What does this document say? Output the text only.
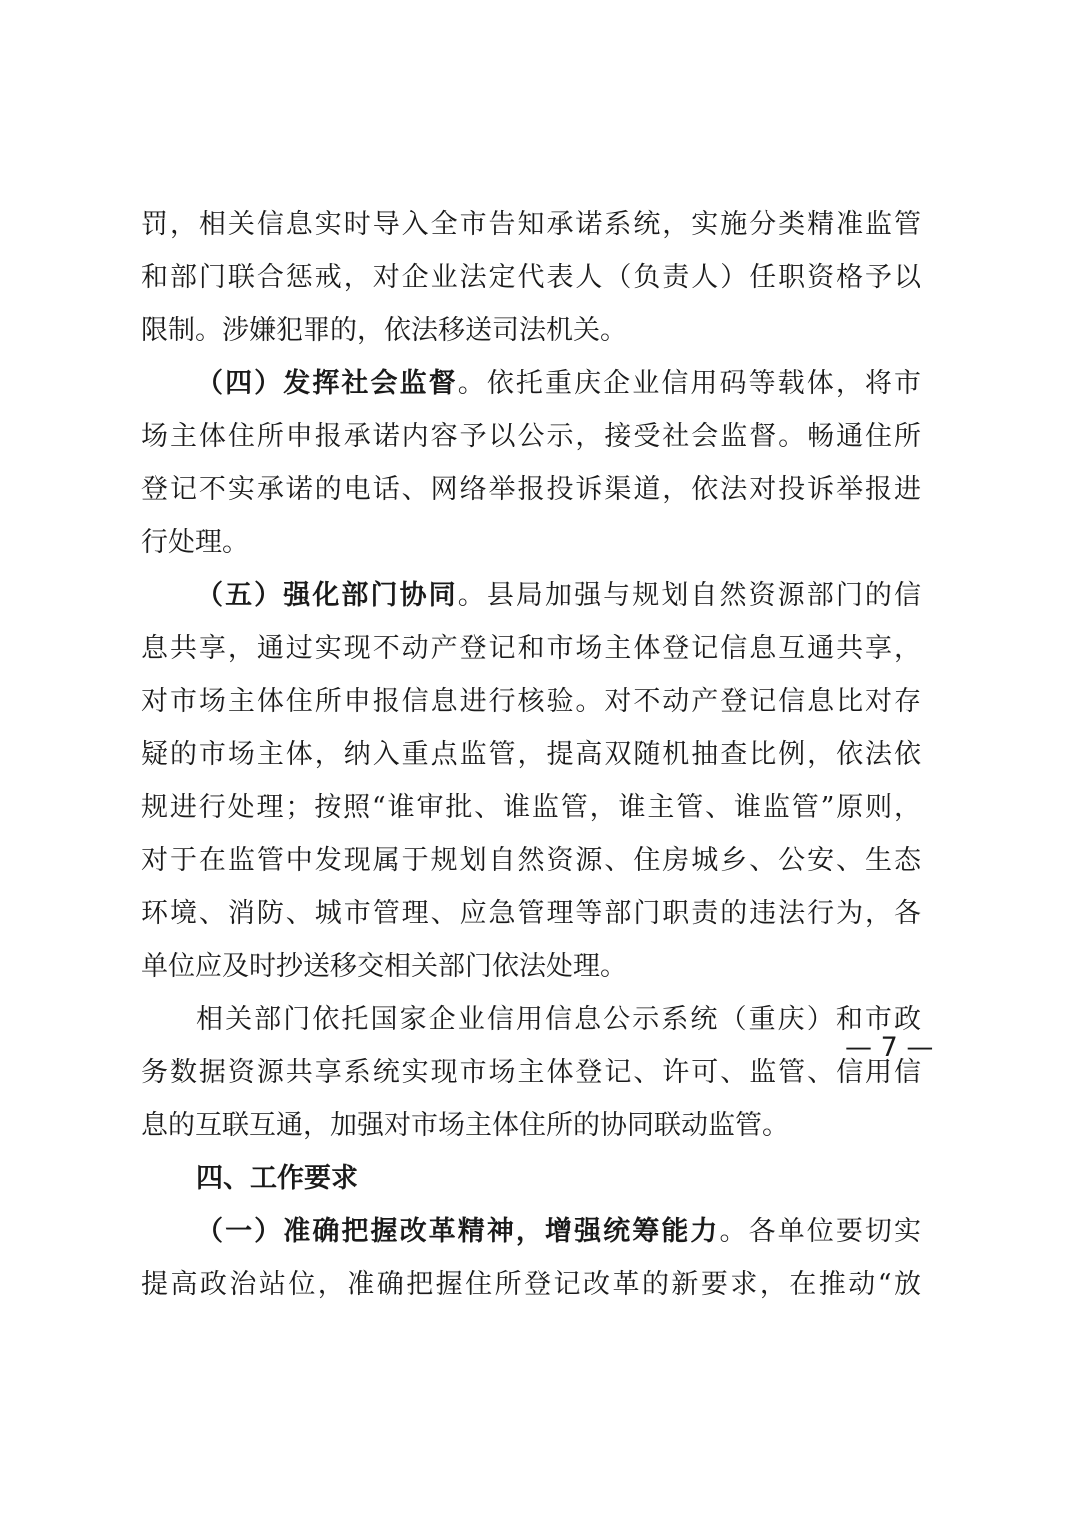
罚，相关信息实时导入全市告知承诺系统，实施分类精准监管
和部门联合惩戒，对企业法定代表人（负责人）任职资格予以
限制。涉嫌犯罪的，依法移送司法机关。
（四）发挥社会监督。依托重庆企业信用码等载体，将市
场主体住所申报承诺内容予以公示，接受社会监督。畅通住所
登记不实承诺的电话、网络举报投诉渠道，依法对投诉举报进
行处理。
（五）强化部门协同。县局加强与规划自然资源部门的信
息共享，通过实现不动产登记和市场主体登记信息互通共享，
对市场主体住所申报信息进行核验。对不动产登记信息比对存
疑的市场主体，纳入重点监管，提高双随机抽查比例，依法依
规进行处理；按照“谁审批、谁监管，谁主管、谁监管”原则，
对于在监管中发现属于规划自然资源、住房城乡、公安、生态
环境、消防、城市管理、应急管理等部门职责的违法行为，各
单位应及时抄送移交相关部门依法处理。
相关部门依托国家企业信用信息公示系统（重庆）和市政
务数据资源共享系统实现市场主体登记、许可、监管、信用信
息的互联互通，加强对市场主体住所的协同联动监管。
四、工作要求
（一）准确把握改革精神，增强统筹能力。各单位要切实
提高政治站位，准确把握住所登记改革的新要求，在推动“放
— 7 —
